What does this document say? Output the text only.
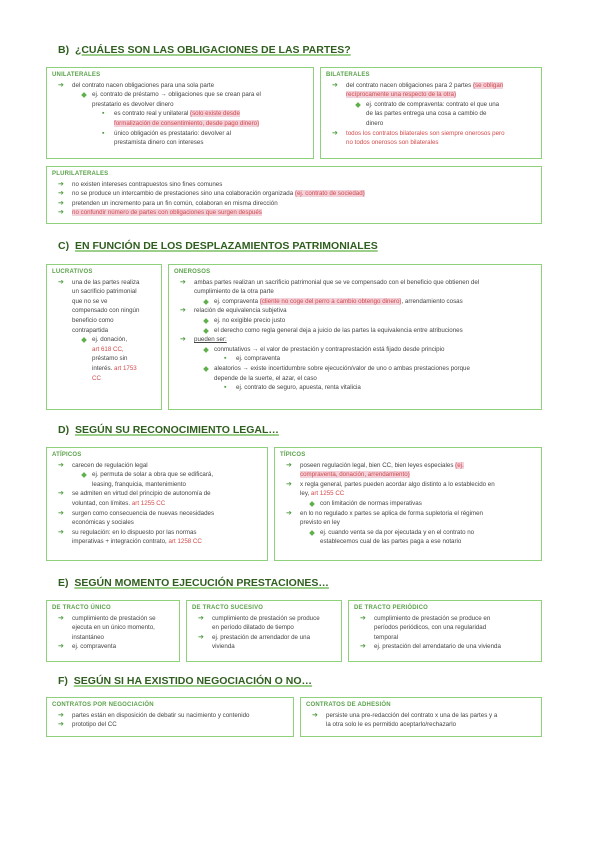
B) ¿CUÁLES SON LAS OBLIGACIONES DE LAS PARTES?
UNILATERALES
➔ del contrato nacen obligaciones para una sola parte
ej. contrato de préstamo → obligaciones que se crean para el
prestatario es devolver dinero
▪ es contrato real y unilateral (solo existe desde
formalización de consentimiento, desde pago dinero)
▪ único obligación es prestatario: devolver al
prestamista dinero con intereses
BILATERALES
➔ del contrato nacen obligaciones para 2 partes (se obligan
recíprocamente una respecto de la otra)
ej. contrato de compraventa: contrato el que una
de las partes entrega una cosa a cambio de
dinero
➔ todos los contratos bilaterales son siempre onerosos pero
no todos onerosos son bilaterales
PLURILATERALES
➔ no existen intereses contrapuestos sino fines comunes
➔ no se produce un intercambio de prestaciones sino una colaboración organizada (ej. contrato de sociedad)
➔ pretenden un incremento para un fin común, colaboran en misma dirección
➔ no confundir número de partes con obligaciones que surgen después
C) EN FUNCIÓN DE LOS DESPLAZAMIENTOS PATRIMONIALES
LUCRATIVOS
➔ una de las partes realiza
un sacrificio patrimonial
que no se ve
compensado con ningún
beneficio como
contrapartida
ej. donación,
art 618 CC,
préstamo sin
interés. art 1753
CC
ONEROSOS
➔ ambas partes realizan un sacrificio patrimonial que se ve compensado con el beneficio que obtienen del
cumplimiento de la otra parte
ej. compraventa (cliente no coge del perro a cambio obtengo dinero), arrendamiento cosas
➔ relación de equivalencia subjetiva
ej. no exigible precio justo
el derecho como regla general deja a juicio de las partes la equivalencia entre atribuciones
➔ pueden ser:
conmutativos → el valor de prestación y contraprestación está fijado desde principio
▪ ej. compraventa
aleatorios → existe incertidumbre sobre ejecución/valor de uno o ambas prestaciones porque
depende de la suerte, el azar, el caso
▪ ej. contrato de seguro, apuesta, renta vitalicia
D) SEGÚN SU RECONOCIMIENTO LEGAL…
ATÍPICOS
➔ carecen de regulación legal
ej. permuta de solar a obra que se edificará,
leasing, franquicia, mantenimiento
➔ se admiten en virtud del principio de autonomía de
voluntad, con límites. art 1255 CC
➔ surgen como consecuencia de nuevas necesidades
económicas y sociales
➔ su regulación: en lo dispuesto por las normas
imperativas + integración contrato, art 1258 CC
TÍPICOS
➔ poseen regulación legal, bien CC, bien leyes especiales (ej.
compraventa, donación, arrendamiento)
➔ x regla general, partes pueden acordar algo distinto a lo establecido en
ley, art 1255 CC
con limitación de normas imperativas
➔ en lo no regulado x partes se aplica de forma supletoria el régimen
previsto en ley
ej. cuando venta se da por ejecutada y en el contrato no
establecemos cual de las partes paga a ese notario
E) SEGÚN MOMENTO EJECUCIÓN PRESTACIONES…
DE TRACTO ÚNICO
➔ cumplimiento de prestación se
ejecuta en un único momento,
instantáneo
➔ ej. compraventa
DE TRACTO SUCESIVO
➔ cumplimiento de prestación se produce
en período dilatado de tiempo
➔ ej. prestación de arrendador de una
vivienda
DE TRACTO PERIÓDICO
➔ cumplimiento de prestación se produce en
períodos periódicos, con una regularidad
temporal
➔ ej. prestación del arrendatario de una vivienda
F) SEGÚN SI HA EXISTIDO NEGOCIACIÓN O NO…
CONTRATOS POR NEGOCIACIÓN
➔ partes están en disposición de debatir su nacimiento y contenido
➔ prototipo del CC
CONTRATOS DE ADHESIÓN
➔ persiste una pre-redacción del contrato x una de las partes y a
la otra solo le es permitido aceptarlo/rechazarlo
